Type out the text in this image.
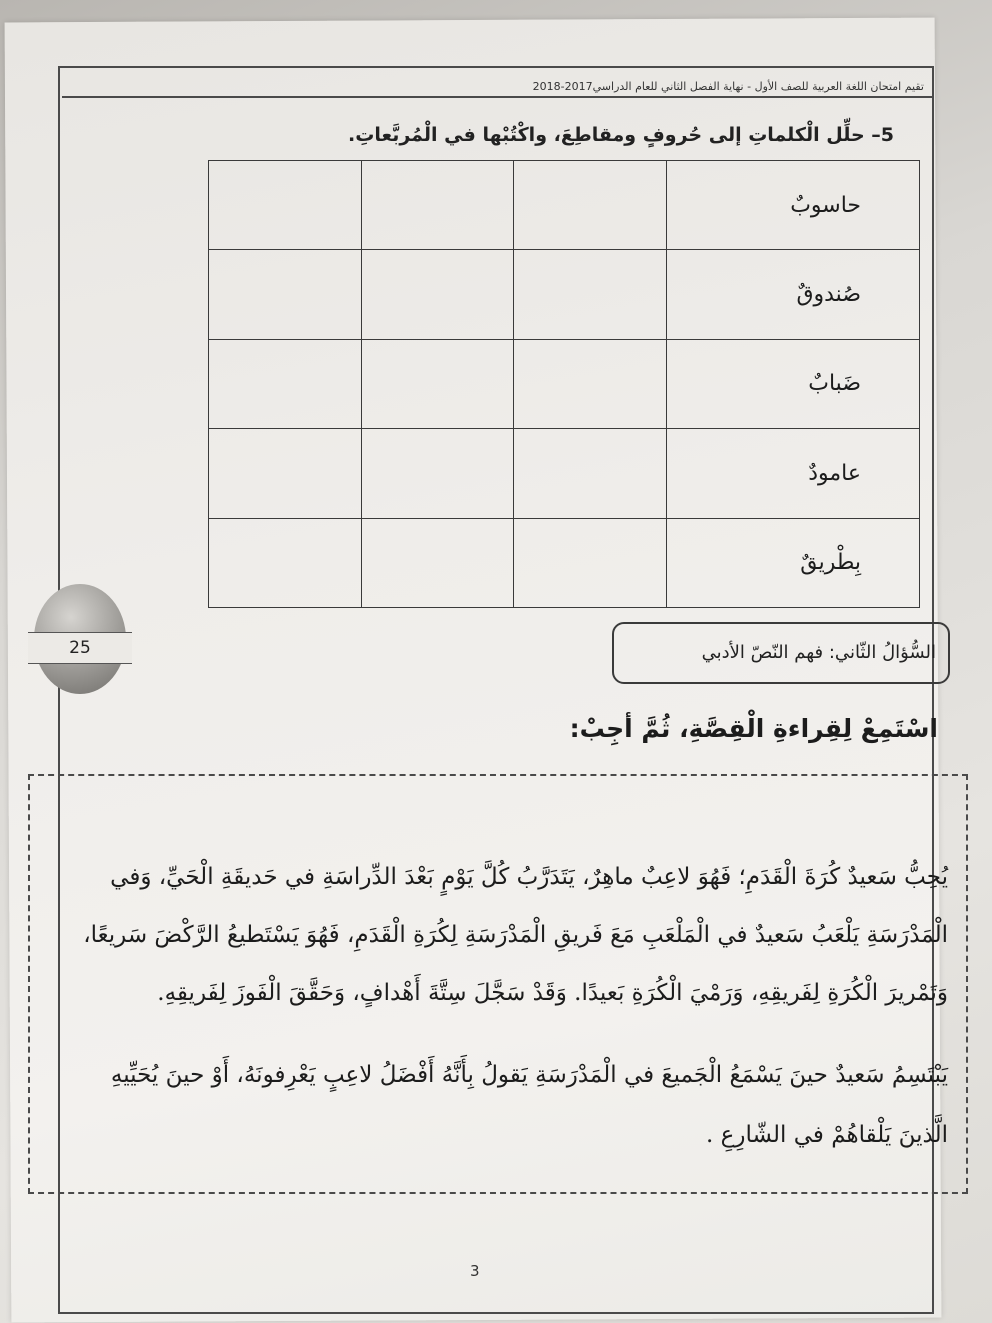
تقيم امتحان اللغة العربية للصف الأول - نهاية الفصل الثاني للعام الدراسي2017-2018
5– حلِّل الْكلماتِ إلى حُروفٍ ومقاطِعَ، واكْتُبْها في الْمُربَّعاتِ.
حاسوبٌ			
صُندوقٌ			
ضَبابٌ			
عامودٌ			
بِطْريقٌ			
25	السُّؤالُ الثّاني: فهم النّصّ الأدبي
اسْتَمِعْ لِقِراءةِ الْقِصَّةِ، ثُمَّ أجِبْ:

يُحِبُّ سَعيدٌ كُرَةَ الْقَدَمِ؛ فَهُوَ لاعِبٌ ماهِرٌ، يَتَدَرَّبُ كُلَّ يَوْمٍ بَعْدَ الدِّراسَةِ في حَديقَةِ الْحَيِّ، وَفي

الْمَدْرَسَةِ يَلْعَبُ سَعيدٌ في الْمَلْعَبِ مَعَ فَريقِ الْمَدْرَسَةِ لِكُرَةِ الْقَدَمِ، فَهُوَ يَسْتَطيعُ الرَّكْضَ سَريعًا،

وَتَمْريرَ الْكُرَةِ لِفَريقِهِ، وَرَمْيَ الْكُرَةِ بَعيدًا. وَقَدْ سَجَّلَ سِتَّةَ أَهْدافٍ، وَحَقَّقَ الْفَوزَ لِفَريقِهِ.

يَبْتَسِمُ سَعيدٌ حينَ يَسْمَعُ الْجَميعَ في الْمَدْرَسَةِ يَقولُ بِأَنَّهُ أَفْضَلُ لاعِبٍ يَعْرِفونَهُ، أَوْ حينَ يُحَيِّيهِ

الَّذينَ يَلْقاهُمْ في الشّارِعِ .

3
